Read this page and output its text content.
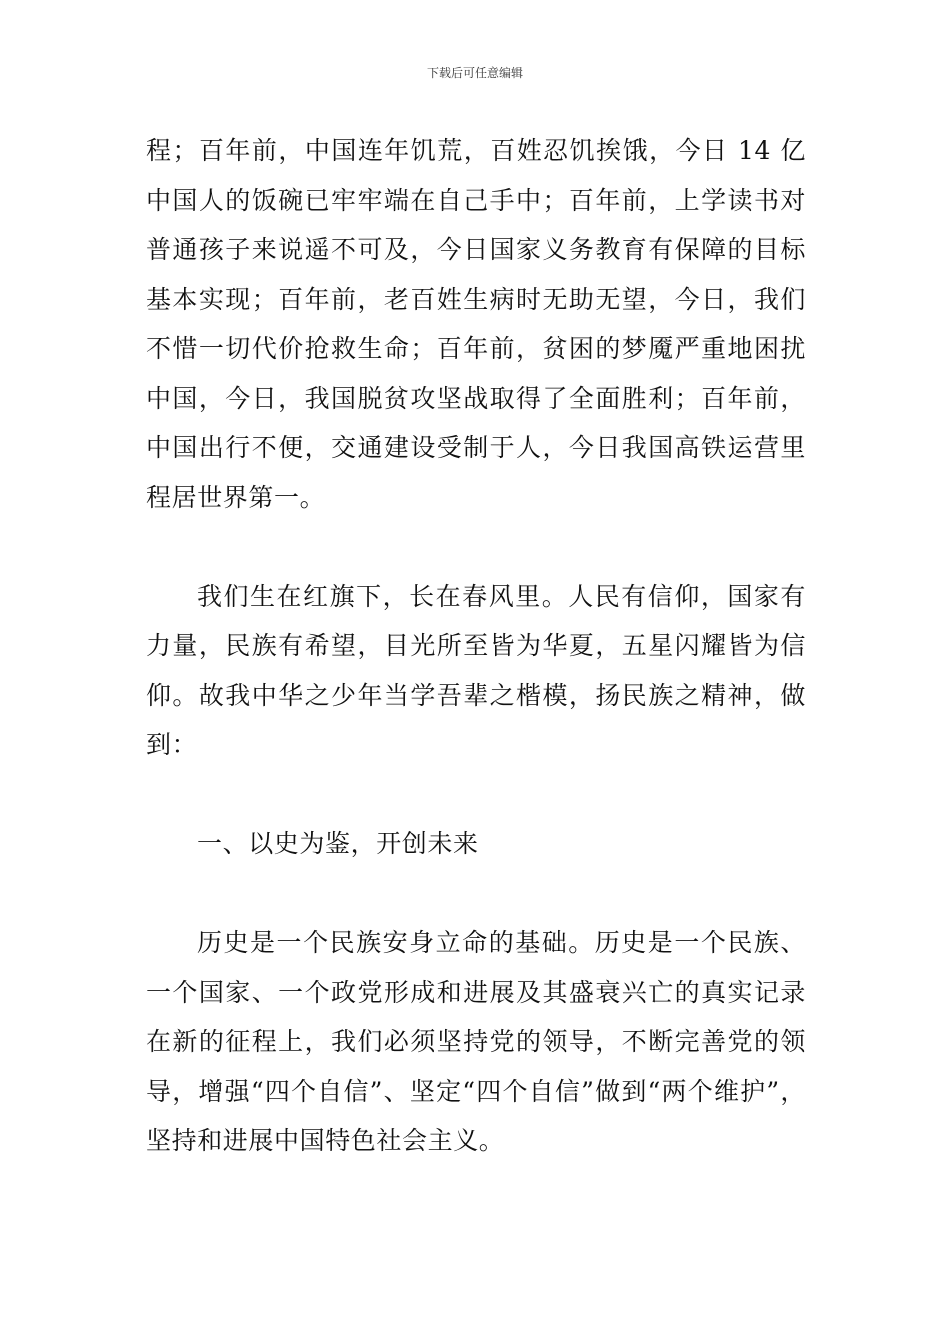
下载后可任意编辑

程；百年前，中国连年饥荒，百姓忍饥挨饿，今日 14 亿中国人的饭碗已牢牢端在自己手中；百年前，上学读书对普通孩子来说遥不可及，今日国家义务教育有保障的目标基本实现；百年前，老百姓生病时无助无望，今日，我们不惜一切代价抢救生命；百年前，贫困的梦魇严重地困扰中国，今日，我国脱贫攻坚战取得了全面胜利；百年前，中国出行不便，交通建设受制于人，今日我国高铁运营里程居世界第一。

我们生在红旗下，长在春风里。人民有信仰，国家有力量，民族有希望，目光所至皆为华夏，五星闪耀皆为信仰。故我中华之少年当学吾辈之楷模，扬民族之精神，做到：

一、以史为鉴，开创未来

历史是一个民族安身立命的基础。历史是一个民族、一个国家、一个政党形成和进展及其盛衰兴亡的真实记录在新的征程上，我们必须坚持党的领导，不断完善党的领导，增强“四个自信”、坚定“四个自信”做到“两个维护”，坚持和进展中国特色社会主义。
